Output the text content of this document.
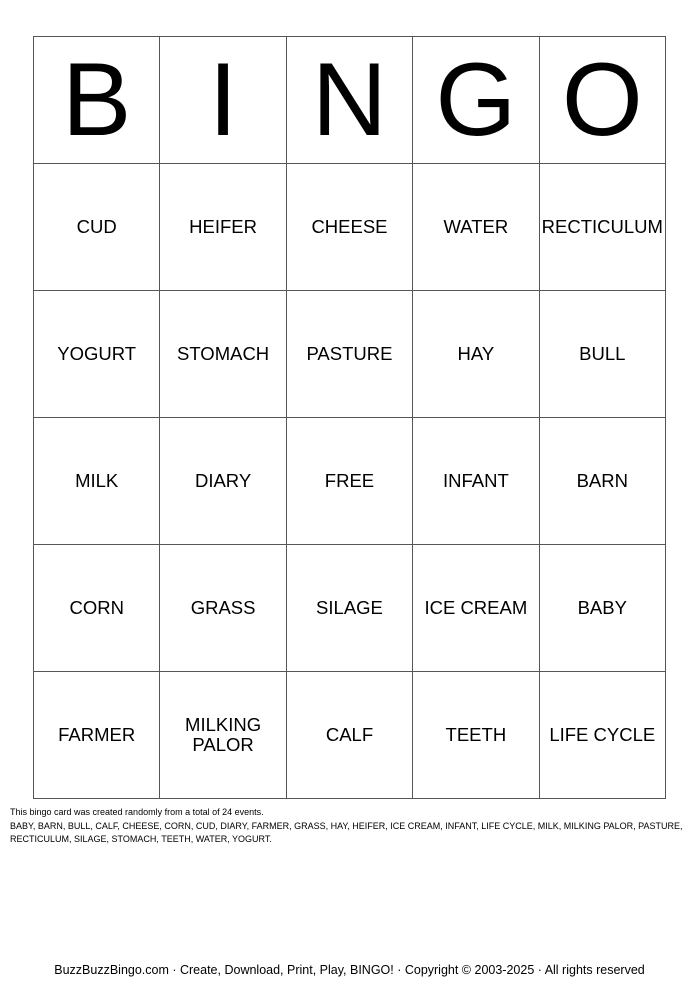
B	I	N	G	O
CUD	HEIFER	CHEESE	WATER	RECTICULUM
YOGURT	STOMACH	PASTURE	HAY	BULL
MILK	DIARY	FREE	INFANT	BARN
CORN	GRASS	SILAGE	ICE CREAM	BABY
FARMER	MILKING PALOR	CALF	TEETH	LIFE CYCLE
This bingo card was created randomly from a total of 24 events.
BABY, BARN, BULL, CALF, CHEESE, CORN, CUD, DIARY, FARMER, GRASS, HAY, HEIFER, ICE CREAM, INFANT, LIFE CYCLE, MILK, MILKING PALOR, PASTURE, RECTICULUM, SILAGE, STOMACH, TEETH, WATER, YOGURT.
BuzzBuzzBingo.com · Create, Download, Print, Play, BINGO! · Copyright © 2003-2025 · All rights reserved
